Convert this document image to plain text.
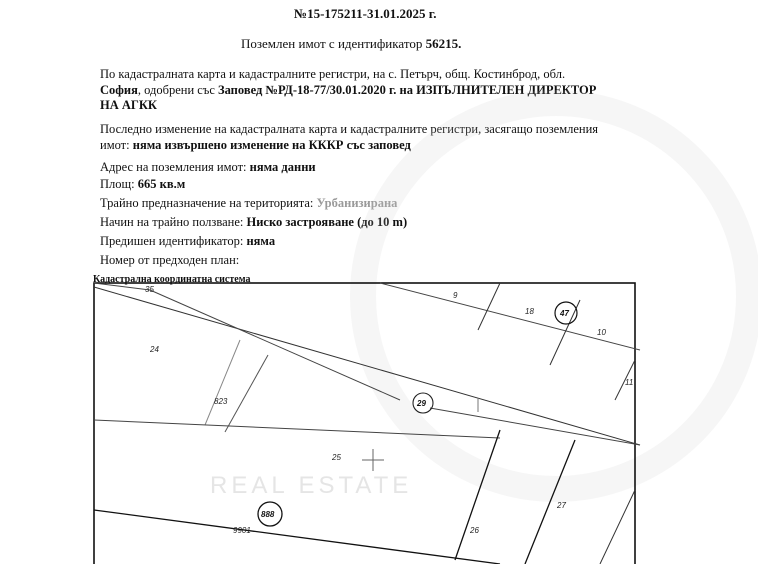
№15-175211-31.01.2025 г.
Поземлен имот с идентификатор 56215.
По кадастралната карта и кадастралните регистри, на с. Петърч, общ. Костинброд, обл.
София, одобрени със Заповед №РД-18-77/30.01.2020 г. на ИЗПЪЛНИТЕЛЕН ДИРЕКТОР
НА АГКК
Последно изменение на кадастралната карта и кадастралните регистри, засягащо поземления
имот: няма извършено изменение на КККР със заповед
Адрес на поземления имот: няма данни
Площ: 665 кв.м
Трайно предназначение на територията: Урбанизирана
Начин на трайно ползване: Ниско застрояване (до 10 m)
Предишен идентификатор: няма
Номер от предходен план:
Кадастрална координатна система
35
9
18	47
10
24
823
11
29
25
888
9901
27
26
REAL ESTATE
